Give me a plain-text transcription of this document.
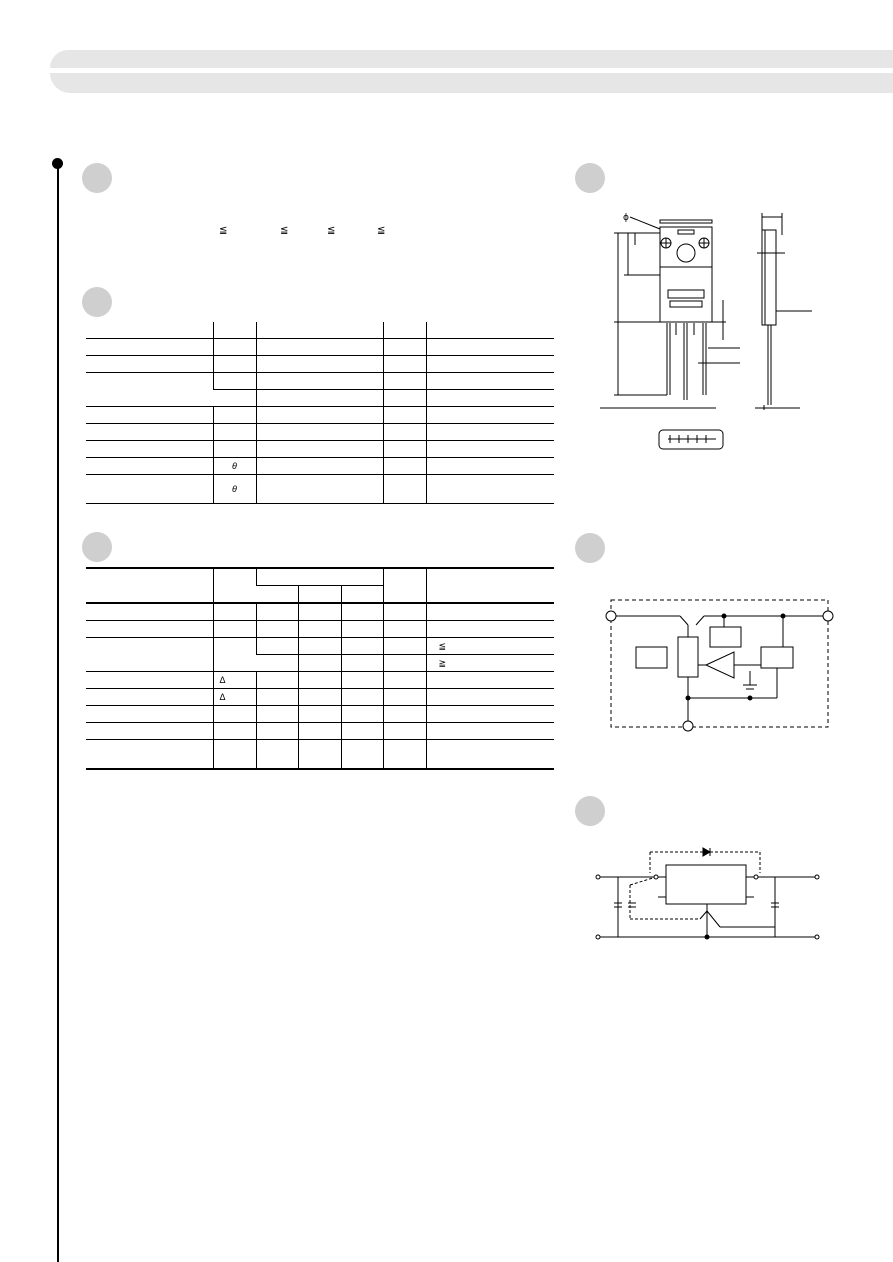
≦	≦	≦	≦

	θ			
	θ			

						≦
						≧
	Δ					
	Δ					

ϕ
